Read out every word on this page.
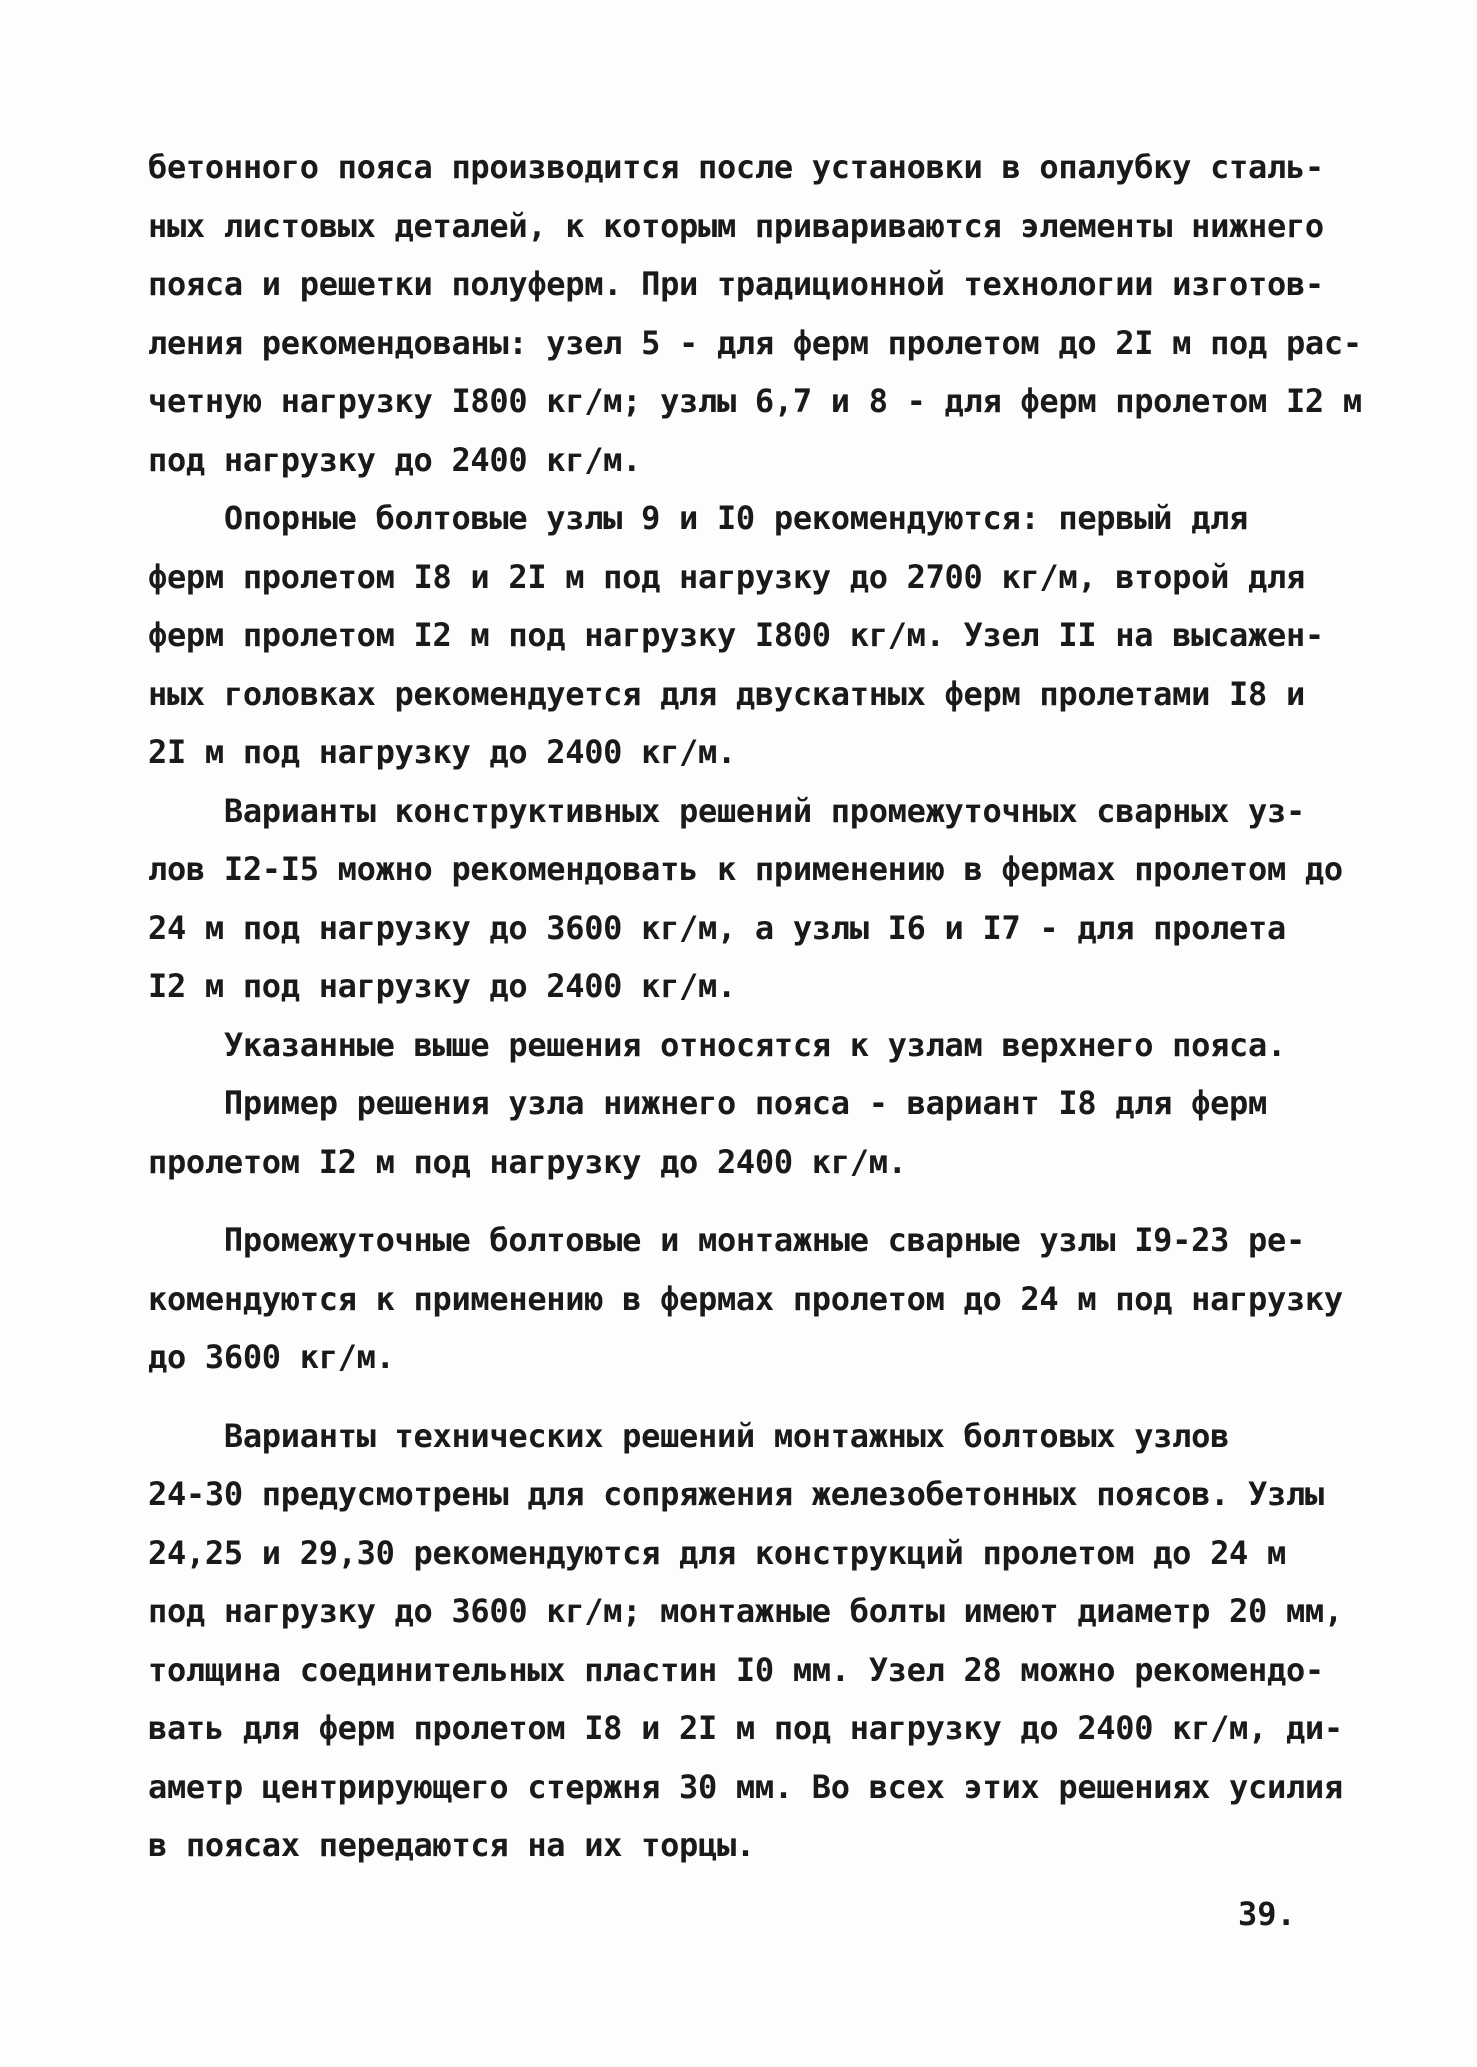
бетонного пояса производится после установки в опалубку сталь-
ных листовых деталей, к которым привариваются элементы нижнего
пояса и решетки полуферм. При традиционной технологии изготов-
ления рекомендованы: узел 5 - для ферм пролетом до 2I м под рас-
четную нагрузку I800 кг/м; узлы 6,7 и 8 - для ферм пролетом I2 м
под нагрузку до 2400 кг/м.
Опорные болтовые узлы 9 и I0 рекомендуются: первый для
ферм пролетом I8 и 2I м под нагрузку до 2700 кг/м, второй для
ферм пролетом I2 м под нагрузку I800 кг/м. Узел II на высажен-
ных головках рекомендуется для двускатных ферм пролетами I8 и
2I м под нагрузку до 2400 кг/м.
Варианты конструктивных решений промежуточных сварных уз-
лов I2-I5 можно рекомендовать к применению в фермах пролетом до
24 м под нагрузку до 3600 кг/м, а узлы I6 и I7 - для пролета
I2 м под нагрузку до 2400 кг/м.
Указанные выше решения относятся к узлам верхнего пояса.
Пример решения узла нижнего пояса - вариант I8 для ферм
пролетом I2 м под нагрузку до 2400 кг/м.
Промежуточные болтовые и монтажные сварные узлы I9-23 ре-
комендуются к применению в фермах пролетом до 24 м под нагрузку
до 3600 кг/м.
Варианты технических решений монтажных болтовых узлов
24-30 предусмотрены для сопряжения железобетонных поясов. Узлы
24,25 и 29,30 рекомендуются для конструкций пролетом до 24 м
под нагрузку до 3600 кг/м; монтажные болты имеют диаметр 20 мм,
толщина соединительных пластин I0 мм. Узел 28 можно рекомендо-
вать для ферм пролетом I8 и 2I м под нагрузку до 2400 кг/м, ди-
аметр центрирующего стержня 30 мм. Во всех этих решениях усилия
в поясах передаются на их торцы.
39.
